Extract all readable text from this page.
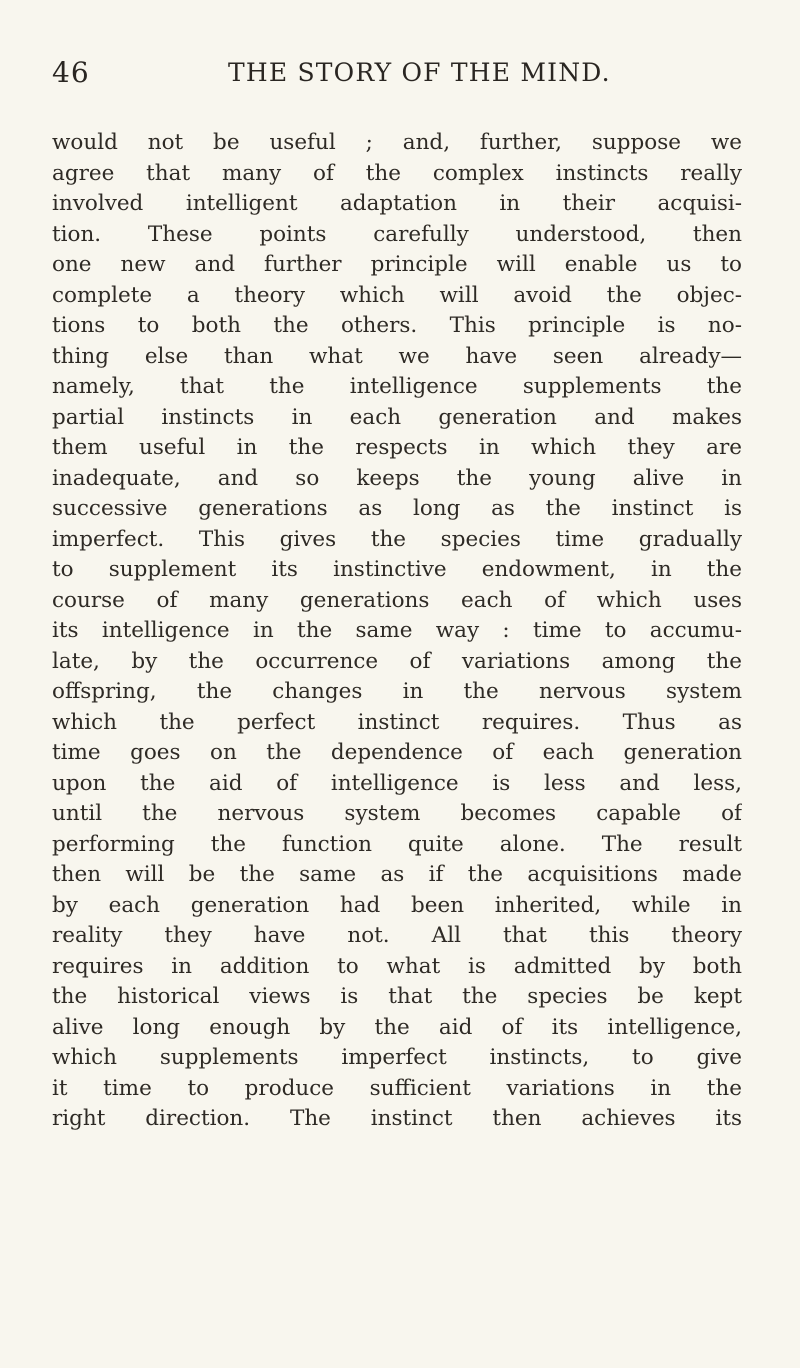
46	THE STORY OF THE MIND.
would not be useful ; and, further, suppose we
agree that many of the complex instincts really
involved intelligent adaptation in their acquisi-
tion. These points carefully understood, then
one new and further principle will enable us to
complete a theory which will avoid the objec-
tions to both the others. This principle is no-
thing else than what we have seen already—
namely, that the intelligence supplements the
partial instincts in each generation and makes
them useful in the respects in which they are
inadequate, and so keeps the young alive in
successive generations as long as the instinct is
imperfect. This gives the species time gradually
to supplement its instinctive endowment, in the
course of many generations each of which uses
its intelligence in the same way : time to accumu-
late, by the occurrence of variations among the
offspring, the changes in the nervous system
which the perfect instinct requires. Thus as
time goes on the dependence of each generation
upon the aid of intelligence is less and less,
until the nervous system becomes capable of
performing the function quite alone. The result
then will be the same as if the acquisitions made
by each generation had been inherited, while in
reality they have not. All that this theory
requires in addition to what is admitted by both
the historical views is that the species be kept
alive long enough by the aid of its intelligence,
which supplements imperfect instincts, to give
it time to produce sufficient variations in the
right direction. The instinct then achieves its
